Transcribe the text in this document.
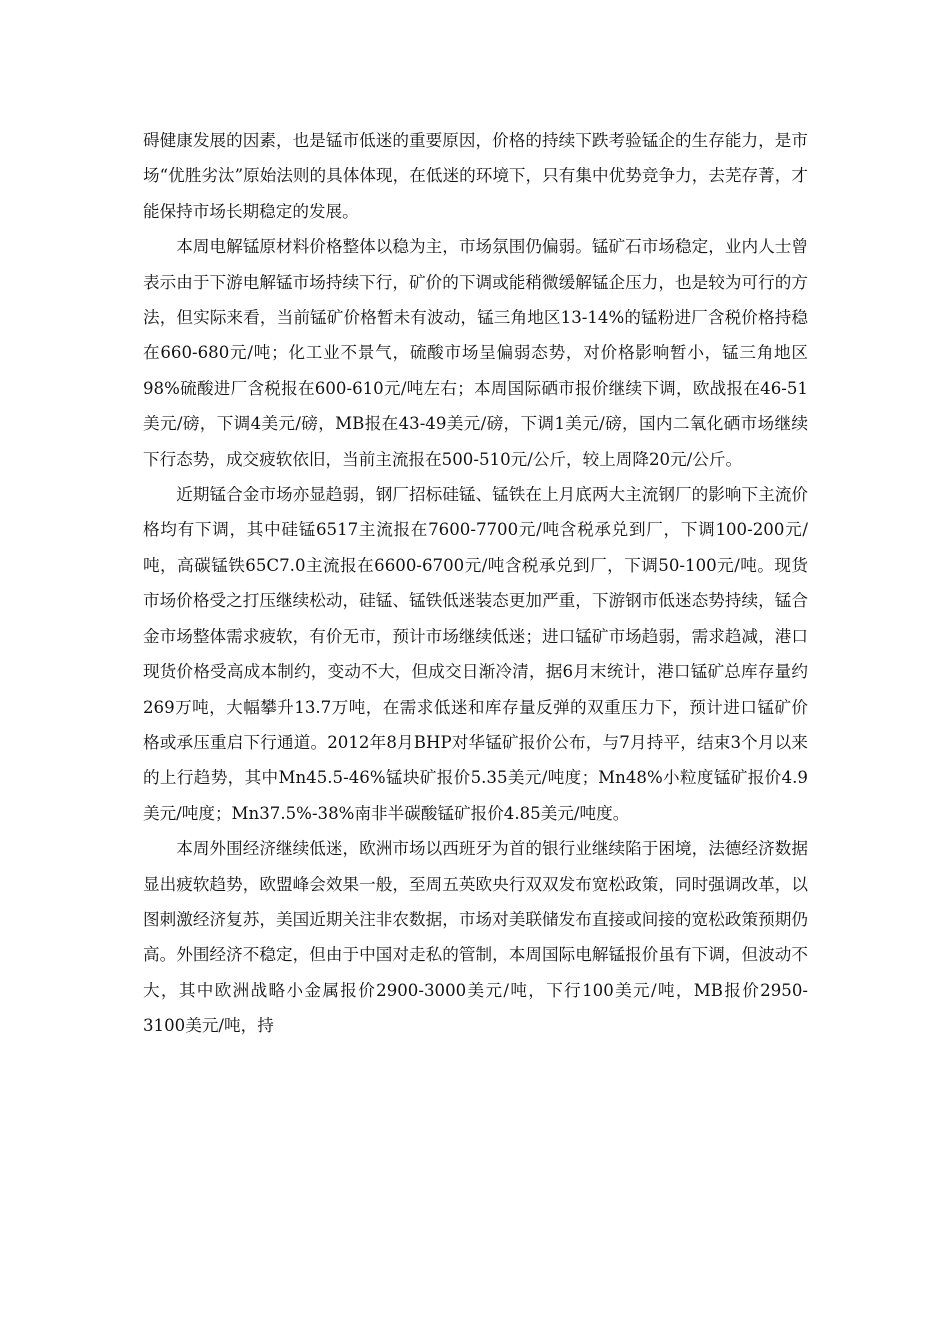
碍健康发展的因素，也是锰市低迷的重要原因，价格的持续下跌考验锰企的生存能力，是市场“优胜劣汰”原始法则的具体体现，在低迷的环境下，只有集中优势竞争力，去芜存菁，才能保持市场长期稳定的发展。

本周电解锰原材料价格整体以稳为主，市场氛围仍偏弱。锰矿石市场稳定，业内人士曾表示由于下游电解锰市场持续下行，矿价的下调或能稍微缓解锰企压力，也是较为可行的方法，但实际来看，当前锰矿价格暂未有波动，锰三角地区13-14%的锰粉进厂含税价格持稳在660-680元/吨；化工业不景气，硫酸市场呈偏弱态势，对价格影响暂小，锰三角地区98%硫酸进厂含税报在600-610元/吨左右；本周国际硒市报价继续下调，欧战报在46-51美元/磅，下调4美元/磅，MB报在43-49美元/磅，下调1美元/磅，国内二氧化硒市场继续下行态势，成交疲软依旧，当前主流报在500-510元/公斤，较上周降20元/公斤。

近期锰合金市场亦显趋弱，钢厂招标硅锰、锰铁在上月底两大主流钢厂的影响下主流价格均有下调，其中硅锰6517主流报在7600-7700元/吨含税承兑到厂，下调100-200元/吨，高碳锰铁65C7.0主流报在6600-6700元/吨含税承兑到厂，下调50-100元/吨。现货市场价格受之打压继续松动，硅锰、锰铁低迷装态更加严重，下游钢市低迷态势持续，锰合金市场整体需求疲软，有价无市，预计市场继续低迷；进口锰矿市场趋弱，需求趋减，港口现货价格受高成本制约，变动不大，但成交日渐冷清，据6月末统计，港口锰矿总库存量约269万吨，大幅攀升13.7万吨，在需求低迷和库存量反弹的双重压力下，预计进口锰矿价格或承压重启下行通道。2012年8月BHP对华锰矿报价公布，与7月持平，结束3个月以来的上行趋势，其中Mn45.5-46%锰块矿报价5.35美元/吨度；Mn48%小粒度锰矿报价4.9美元/吨度；Mn37.5%-38%南非半碳酸锰矿报价4.85美元/吨度。

本周外围经济继续低迷，欧洲市场以西班牙为首的银行业继续陷于困境，法德经济数据显出疲软趋势，欧盟峰会效果一般，至周五英欧央行双双发布宽松政策，同时强调改革，以图刺激经济复苏，美国近期关注非农数据，市场对美联储发布直接或间接的宽松政策预期仍高。外围经济不稳定，但由于中国对走私的管制，本周国际电解锰报价虽有下调，但波动不大，其中欧洲战略小金属报价2900-3000美元/吨，下行100美元/吨，MB报价2950-3100美元/吨，持
